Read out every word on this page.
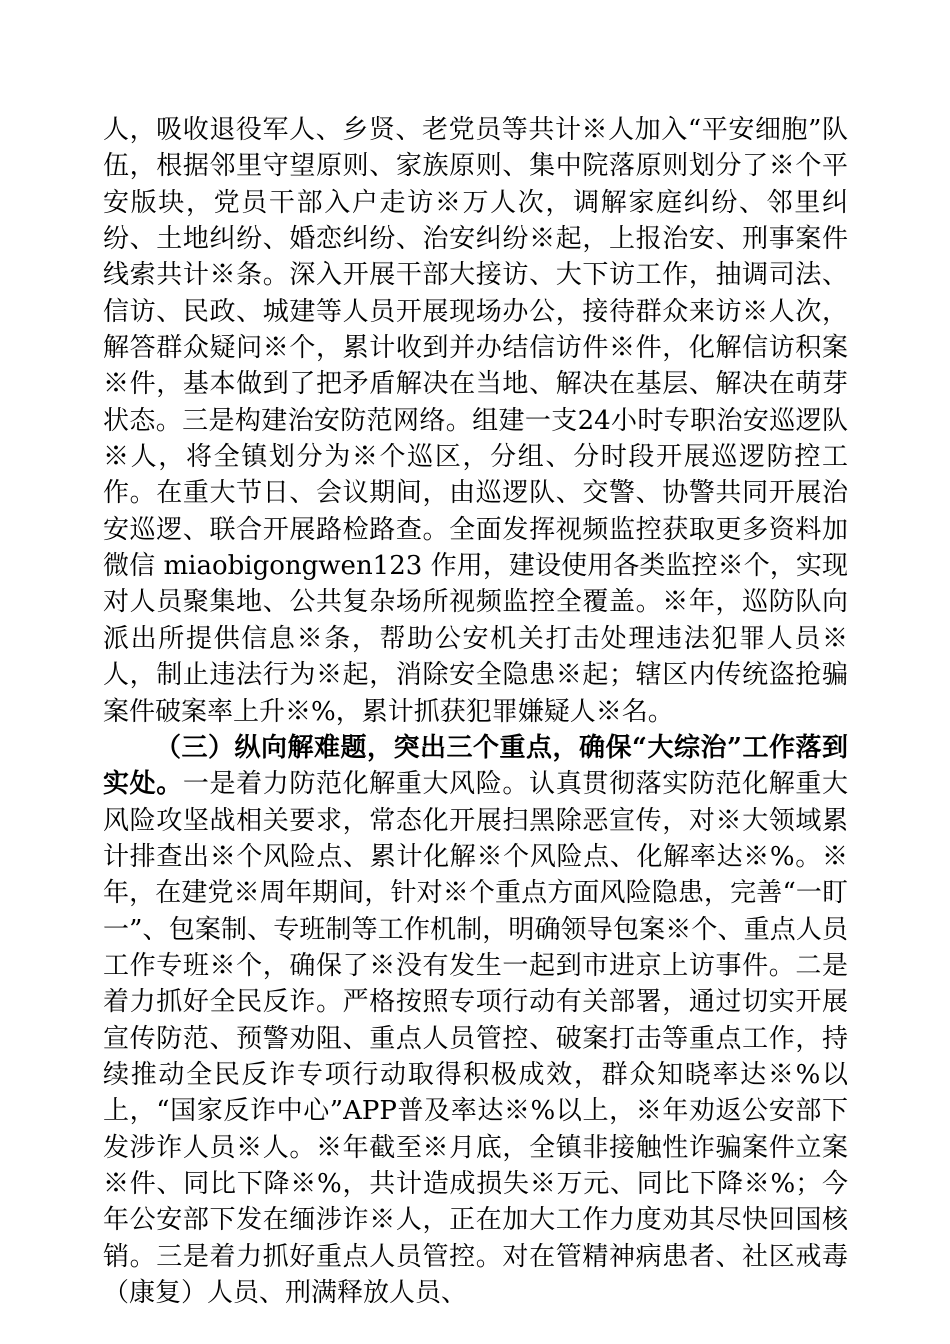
人，吸收退役军人、乡贤、老党员等共计※人加入“平安细胞”队伍，根据邻里守望原则、家族原则、集中院落原则划分了※个平安版块，党员干部入户走访※万人次，调解家庭纠纷、邻里纠纷、土地纠纷、婚恋纠纷、治安纠纷※起，上报治安、刑事案件线索共计※条。深入开展干部大接访、大下访工作，抽调司法、信访、民政、城建等人员开展现场办公，接待群众来访※人次，解答群众疑问※个，累计收到并办结信访件※件，化解信访积案※件，基本做到了把矛盾解决在当地、解决在基层、解决在萌芽状态。三是构建治安防范网络。组建一支24小时专职治安巡逻队※人，将全镇划分为※个巡区，分组、分时段开展巡逻防控工作。在重大节日、会议期间，由巡逻队、交警、协警共同开展治安巡逻、联合开展路检路查。全面发挥视频监控获取更多资料加微信 miaobigongwen123 作用，建设使用各类监控※个，实现对人员聚集地、公共复杂场所视频监控全覆盖。※年，巡防队向派出所提供信息※条，帮助公安机关打击处理违法犯罪人员※人，制止违法行为※起，消除安全隐患※起；辖区内传统盗抢骗案件破案率上升※%，累计抓获犯罪嫌疑人※名。

（三）纵向解难题，突出三个重点，确保“大综治”工作落到实处。一是着力防范化解重大风险。认真贯彻落实防范化解重大风险攻坚战相关要求，常态化开展扫黑除恶宣传，对※大领域累计排查出※个风险点、累计化解※个风险点、化解率达※%。※年，在建党※周年期间，针对※个重点方面风险隐患，完善“一盯一”、包案制、专班制等工作机制，明确领导包案※个、重点人员工作专班※个，确保了※没有发生一起到市进京上访事件。二是着力抓好全民反诈。严格按照专项行动有关部署，通过切实开展宣传防范、预警劝阻、重点人员管控、破案打击等重点工作，持续推动全民反诈专项行动取得积极成效，群众知晓率达※%以上，“国家反诈中心”APP普及率达※%以上，※年劝返公安部下发涉诈人员※人。※年截至※月底，全镇非接触性诈骗案件立案※件、同比下降※%，共计造成损失※万元、同比下降※%；今年公安部下发在缅涉诈※人，正在加大工作力度劝其尽快回国核销。三是着力抓好重点人员管控。对在管精神病患者、社区戒毒（康复）人员、刑满释放人员、
